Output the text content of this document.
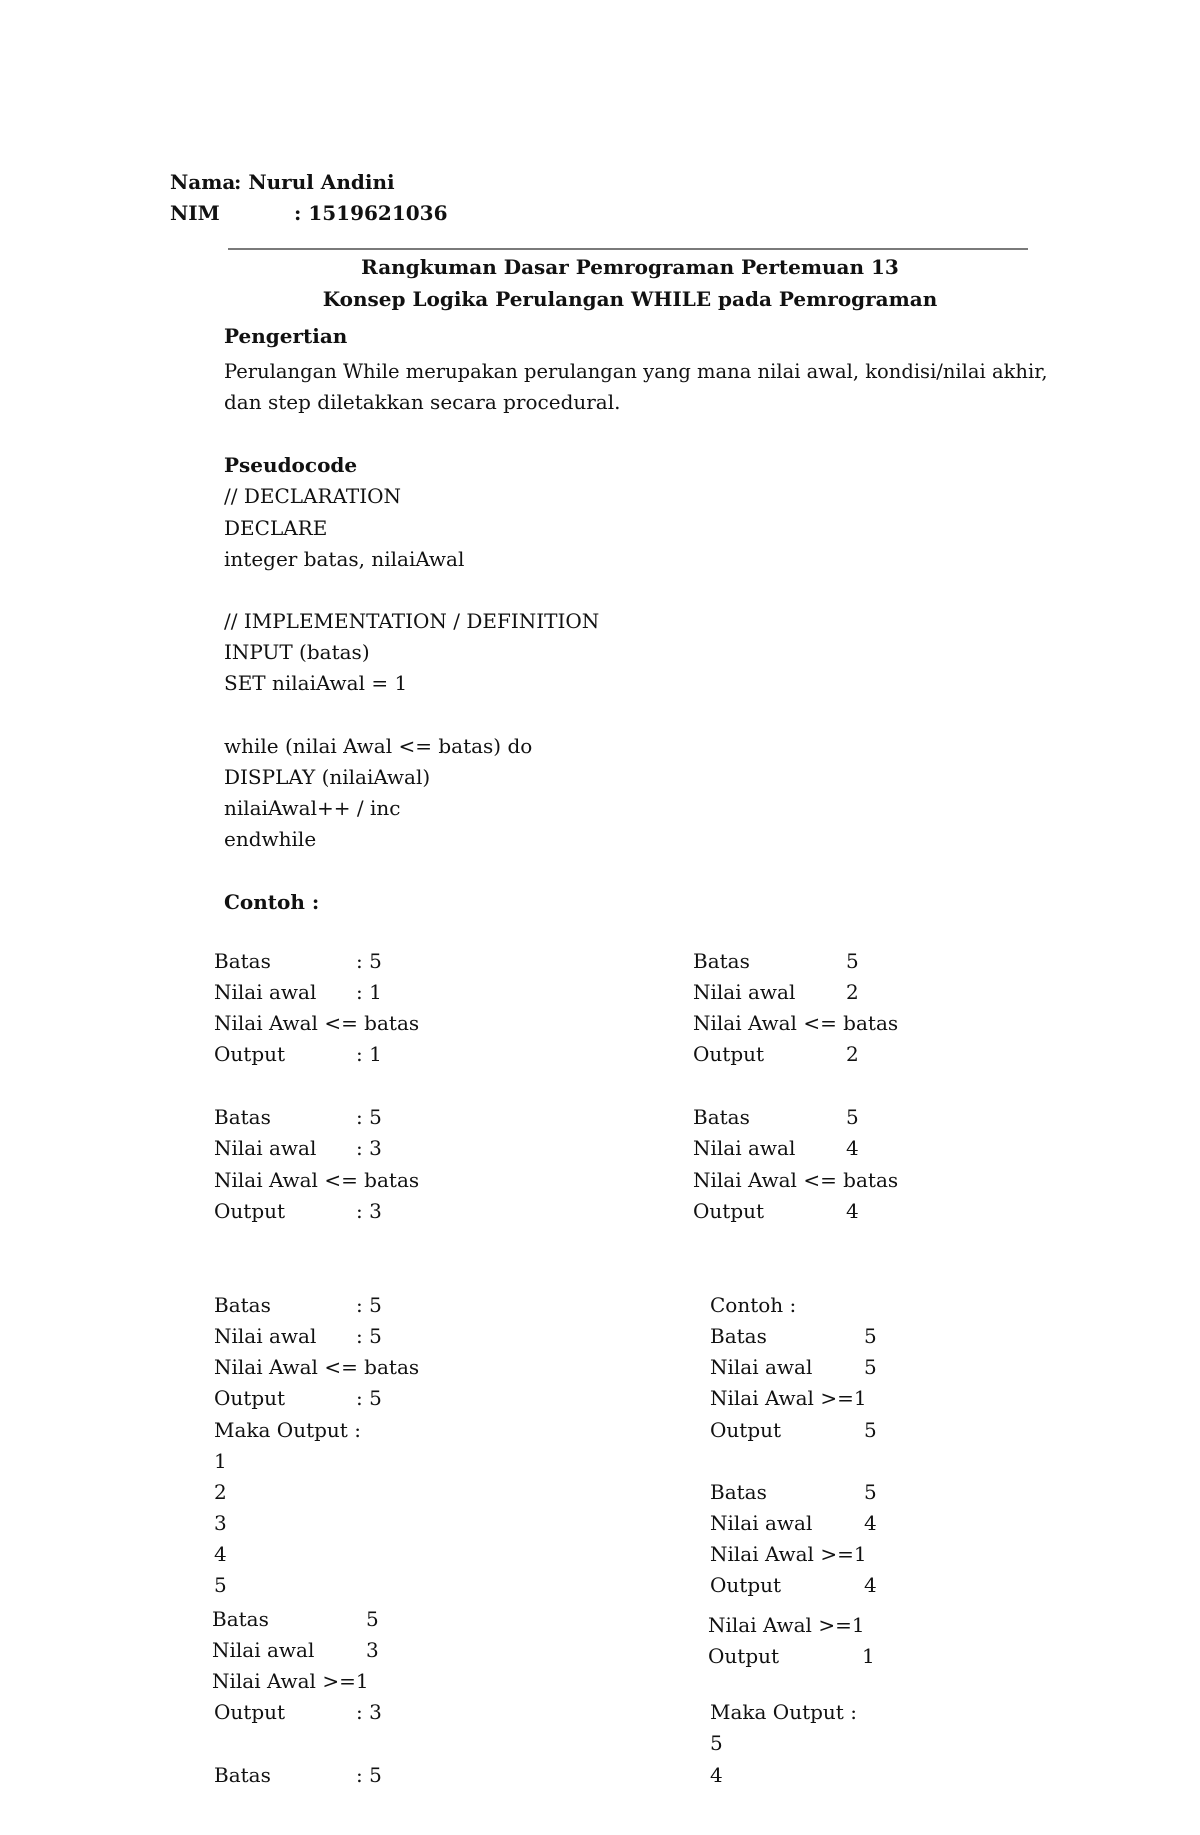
Nama
: Nurul Andini
NIM	: 1519621036
Rangkuman Dasar Pemrograman Pertemuan 13
Konsep Logika Perulangan WHILE pada Pemrograman
Pengertian
Perulangan While merupakan perulangan yang mana nilai awal, kondisi/nilai akhir,
dan step diletakkan secara procedural.
Pseudocode
// DECLARATION
DECLARE
integer batas, nilaiAwal
// IMPLEMENTATION / DEFINITION
INPUT (batas)
SET nilaiAwal = 1
while (nilai Awal <= batas) do
DISPLAY (nilaiAwal)
nilaiAwal++ / inc
endwhile
Contoh :
Batas	: 5
Nilai awal : 1
Nilai Awal <= batas
Output	: 1
Batas	5
Nilai awal	2
Nilai Awal <= batas
Output	2
Batas	: 5
Nilai awal : 3
Nilai Awal <= batas
Output	: 3
Batas	5
Nilai awal	4
Nilai Awal <= batas
Output	4
Batas	: 5
Nilai awal : 5
Nilai Awal <= batas
Output	: 5
Maka Output :
1
2
3
4
5
Batas	5
Nilai awal	3
Nilai Awal >=1
Output	: 3
Batas	: 5
Contoh :
Batas	5
Nilai awal	5
Nilai Awal >=1
Output	5
Batas	5
Nilai awal	4
Nilai Awal >=1
Output	4
Nilai Awal >=1
Output	1
Maka Output :
5
4
